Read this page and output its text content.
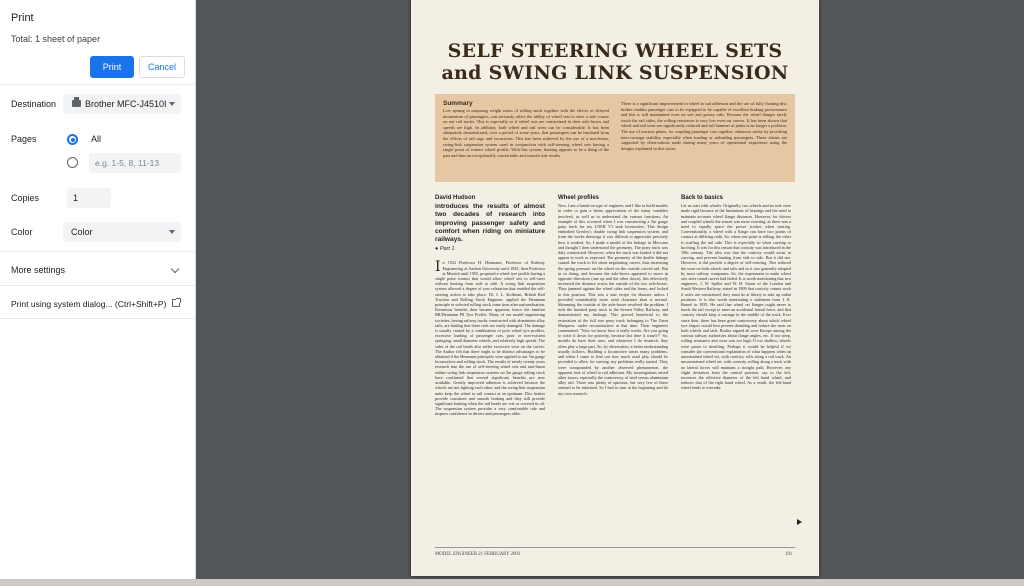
Print
Total: 1 sheet of paper
Print	Cancel
Destination	Brother MFC-J4510I
Pages	All
e.g. 1-5, 8, 11-13
Copies
1
Color	Color
More settings
Print using system dialog... (Ctrl+Shift+P)
SELF STEERING WHEEL SETS
and SWING LINK SUSPENSION
Summary
Low sprung to unsprung weight ratios of rolling stock together with the effects of delayed momentum of passengers, can seriously affect the ability of wheel sets to steer a safe course on our rail tracks. This is especially so if wheel sets are constrained in their axle boxes and speeds are high. In addition, both wheel and rail wear can be considerable. It has been adequately demonstrated, over a period of some years, that passengers can be insulated from the effects of rail sags and excursions. This has been achieved by the use of a non-linear, swing-link suspension system used in conjunction with self-steering wheel sets having a single point of contact wheel profile. With this system, hunting appears to be a thing of the past and thus an exceptionally comfortable and smooth ride results.
There is a significant improvement in wheel to rail adhesion and the use of fully floating disc brakes enables passenger cars to be equipped to be capable of excellent braking performance and this is still maintained even on wet and greasy rails. Because the wheel flanges rarely touch the rail sides, the rolling resistance is very low even on curves. It has been shown that wheel and rail wear are significantly reduced and rail hammer at joints is no longer a problem. The use of traction plates, for coupling passenger cars together, enhances safety by providing inter-carriage stability, especially when loading or unloading passengers. These claims are supported by observations made during many years of operational experience using the designs explained in this series.
David Hudson
introduces the results of almost two decades of research into improving passenger safety and comfort when riding on miniature railways.
● Part 1
I n 1932 Professor H. Heumann, Professor of Railway Engineering at Aachen University until 1945, then Professor at Munich until 1955, proposed a wheel tyre profile having a single point contact that would allow wheel sets to self-steer without hunting from side to side. A swing link suspension system allowed a degree of yaw relaxation that enabled the self-steering action to take place. Dr. I. L. Koffman, British Rail Traction and Rolling Stock Engineer, applied the Heumann principle to selected rolling stock some time after nationalisation. Enormous benefits then became apparent, hence the familiar BR/Heumann P8 Tyre Profile. Many of our model engineering societies, having railway tracks constructed with aluminium alloy rails, are finding that these rails are easily damaged. The damage is usually caused by a combination of poor wheel tyre profiles, excessive loading of passenger cars, poor or non-existent springing, small diameter wheels, and relatively high speeds. The sides of the rail heads also suffer excessive wear on the curves. The Author felt that there ought to be distinct advantages to be obtained if the Heumann principles were applied to our 5in gauge locomotives and rolling stock. The results of nearly twenty years research into the use of self-steering wheel sets and non-linear rubber swing link suspension systems on 5in gauge rolling stock have confirmed that several significant benefits are now available. Greatly improved adhesion is achieved because the wheels are not fighting each other, and the swing link suspension units keep the wheel to rail contact at an optimum. Disc brakes provide consistent and smooth braking and they still provide significant braking when the rail heads are wet or covered in oil. The suspension system provides a very comfortable ride and inspires confidence in drivers and passengers alike.
Wheel profiles
Now, I am a hands-on type of engineer, and I like to build models in order to gain a better appreciation of the many variables involved, as well as to understand the various functions. An example of this occurred when I was constructing a 5in gauge pony truck for my LNER V1 tank locomotive. This design embodied Gresley's double swing link suspension system, and from the works drawings it was difficult to appreciate precisely how it worked. So, I made a model of the linkage in Meccano and thought I then understood the geometry. The pony truck was duly constructed. However, when the truck was loaded it did not appear to work as expected. The geometry of the double linkage caused the truck to lift when negotiating curves, thus increasing the spring pressure on the wheel on the outside curved rail. But in so doing, and because the axle-boxes appeared to move in opposite directions (one up and the other down), this effectively increased the distance across the outside of the two axle-boxes. They jammed against the wheel sides and the horns, and locked in this position. This was a sure recipe for disaster, unless I provided considerably more axial clearance than is normal. Skimming the outside of the axle-boxes resolved the problem. I took the finished pony truck to the Severn Valley Railway, and demonstrated my findings. This proved beneficial to the restoration of the full size pony truck belonging to The Great Marquess, under reconstruction at that time. Their engineers commented: "Now we know how it really works. Are you going to write it down for posterity, because last time it wasn't?" So, models do have their uses, and whenever I do research, they often play a large part. So, by observation, a better understanding usually follows. Building a locomotive raises many problems, and when I came to find out how much axial play should be provided to allow for curving, my problems really started. They were compounded by another observed phenomenon, the apparent lack of wheel to rail adhesion. My investigations raised other issues, especially the controversy of steel versus aluminium alloy rail. There was plenty of opinions, but very few of these seemed to be informed. So I had to start at the beginning and do my own research.
Back to basics
Let us start with wheels. Originally, two wheels and an axle were made rigid because of the limitations of bearings and the need to maintain accurate wheel flange distances. However, for drivers and coupled wheels the reason was more exacting, as there was a need to equally space the power strokes when starting. Conventionally, a wheel with a flange can have two points of contact at differing radii. So, when one point is rolling, the other is scuffing the rail side. This is especially so when curving or lurching. It was for this reason that conicity was introduced in the 19th century. The idea was that the conicity would assist in curving, and prevent hunting from side to side. But it did not. However, it did provide a degree of self-centring. This reduced the wear on both wheels and rails and so it was generally adopted by most railway companies. So, the experiment to make wheel sets steer round curves had failed. It is worth mentioning that two engineers, J. W. Spiller and W. H. Stuart of the London and South Western Railway, stated in 1909 that conicity cannot work if axles are constrained; they must be at liberty to take up radial positions. It is also worth mentioning a statement from I. K. Brunel in 1835. He said that wheel set flanges ought never to touch the rail except to meet an accidental lateral force, and that conicity should keep a carriage in the middle of the track. Ever since then, there has been great controversy about which wheel tyre shapes would best prevent derailing and reduce the wear on both wheels and rails. Bodies argued all over Europe among the various railway authorities about flange angles, etc. If too steep, rolling resistance and wear was too high. If too shallow, wheels were prone to derailing. Perhaps it would be helpful if we consider the conventional explanation of what happens when an unrestrained wheel set, with conicity, rolls along a rail track. An unconstrained wheel set, with conicity, rolling along a track with no lateral forces will maintain a straight path. However, any slight deviation from the central position, say to the left, increases the effective diameter of the left hand wheel, and reduces that of the right hand wheel. As a result, the left-hand wheel tends to overtake
MODEL ENGINEER 21 FEBRUARY 2003	191
